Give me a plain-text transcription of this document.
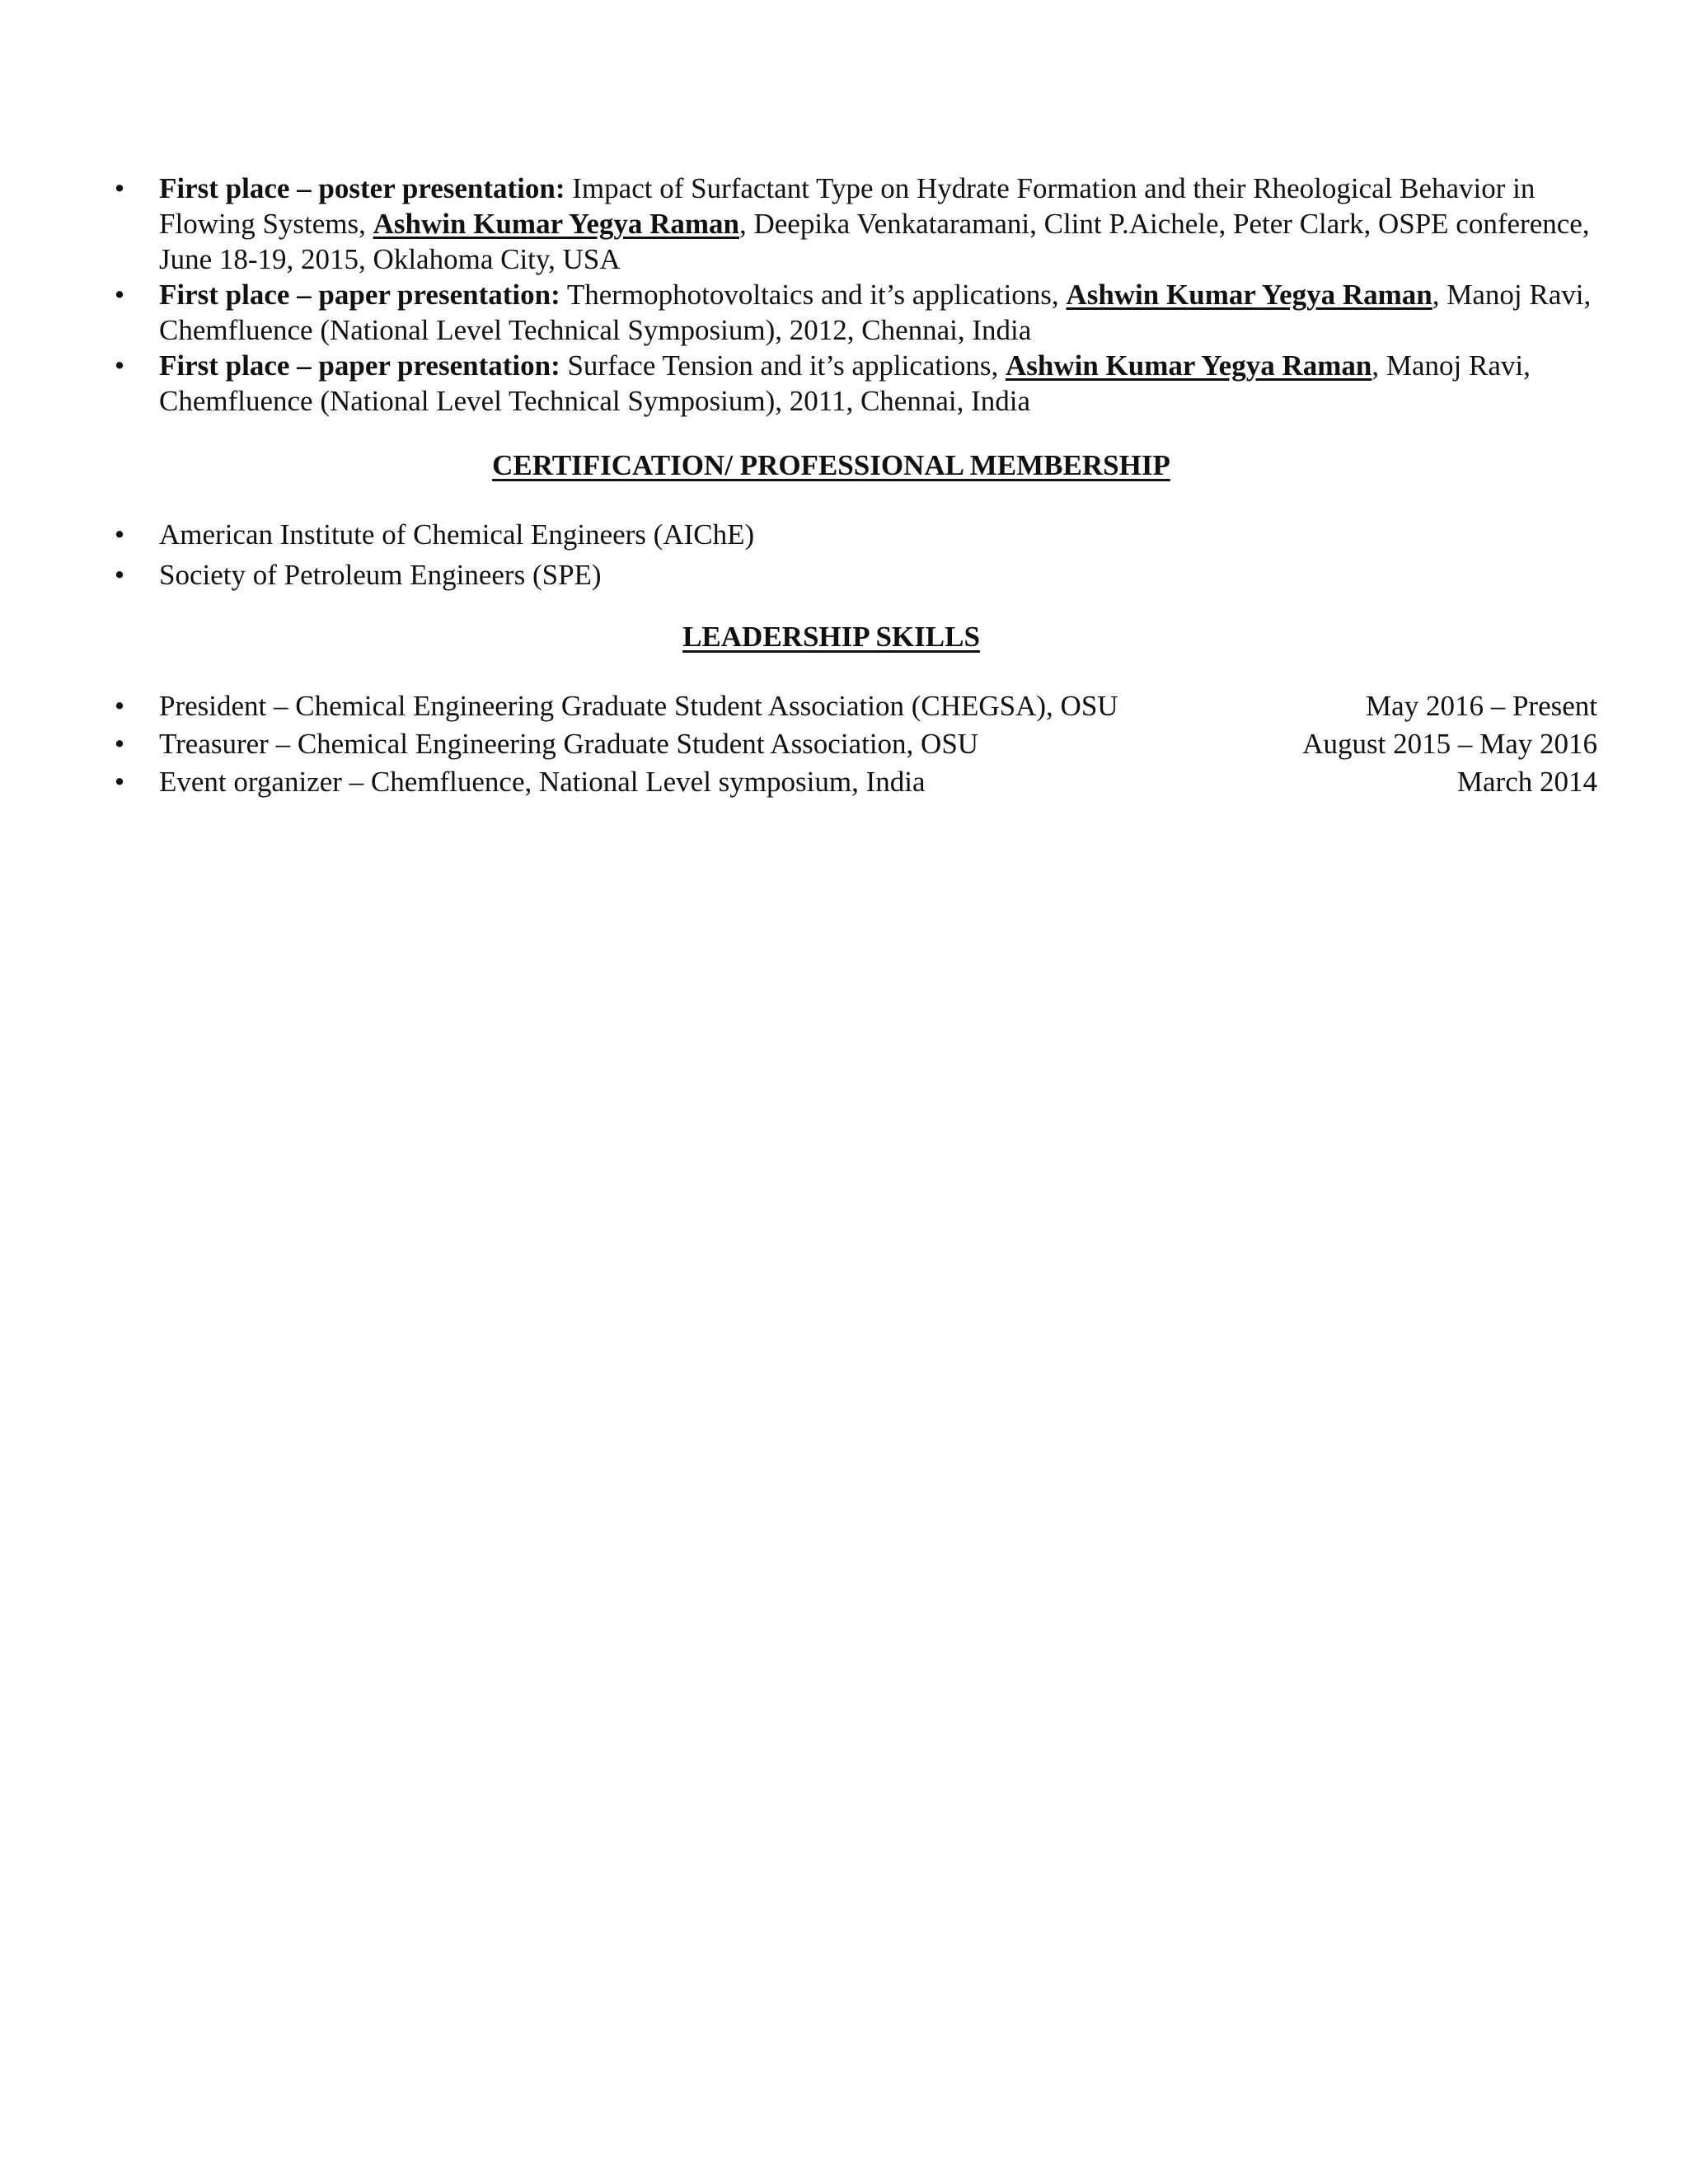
• First place – poster presentation: Impact of Surfactant Type on Hydrate Formation and their Rheological Behavior in Flowing Systems, Ashwin Kumar Yegya Raman, Deepika Venkataramani, Clint P.Aichele, Peter Clark, OSPE conference, June 18-19, 2015, Oklahoma City, USA
• First place – paper presentation: Thermophotovoltaics and it’s applications, Ashwin Kumar Yegya Raman, Manoj Ravi, Chemfluence (National Level Technical Symposium), 2012, Chennai, India
• First place – paper presentation: Surface Tension and it’s applications, Ashwin Kumar Yegya Raman, Manoj Ravi, Chemfluence (National Level Technical Symposium), 2011, Chennai, India
CERTIFICATION/ PROFESSIONAL MEMBERSHIP
• American Institute of Chemical Engineers (AIChE)
• Society of Petroleum Engineers (SPE)
LEADERSHIP SKILLS
• President – Chemical Engineering Graduate Student Association (CHEGSA), OSU	May 2016 – Present
• Treasurer – Chemical Engineering Graduate Student Association, OSU	August 2015 – May 2016
• Event organizer – Chemfluence, National Level symposium, India	March 2014
